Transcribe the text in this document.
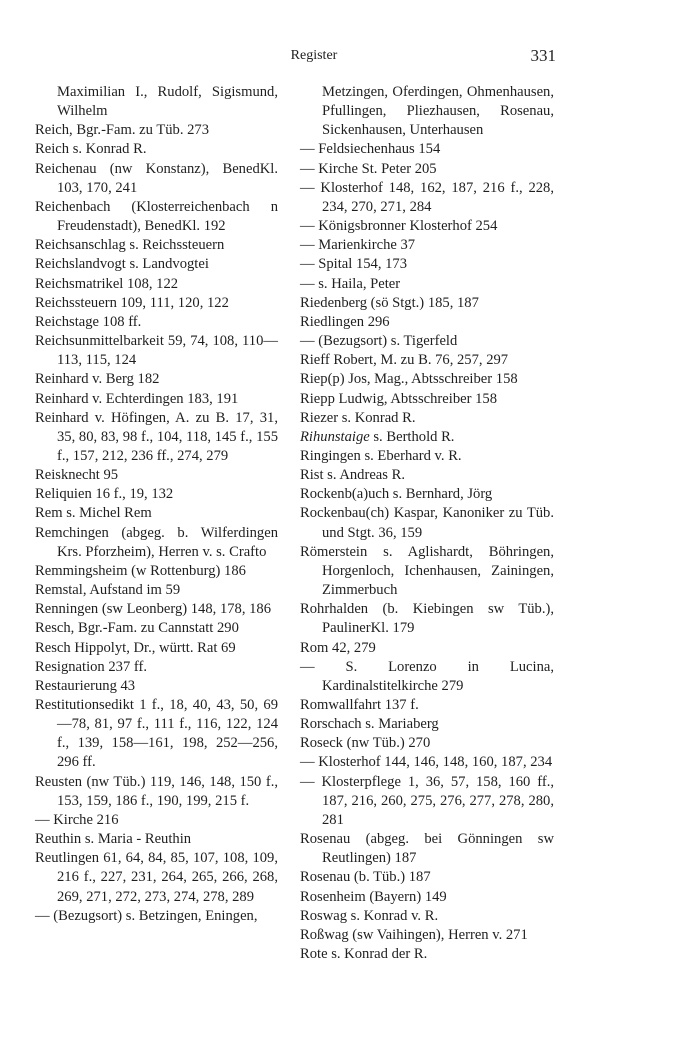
Register	331
Maximilian I., Rudolf, Sigismund, Wilhelm
Reich, Bgr.-Fam. zu Tüb. 273
Reich s. Konrad R.
Reichenau (nw Konstanz), BenedKl. 103, 170, 241
Reichenbach (Klosterreichenbach n Freudenstadt), BenedKl. 192
Reichsanschlag s. Reichssteuern
Reichslandvogt s. Landvogtei
Reichsmatrikel 108, 122
Reichssteuern 109, 111, 120, 122
Reichstage 108 ff.
Reichsunmittelbarkeit 59, 74, 108, 110—113, 115, 124
Reinhard v. Berg 182
Reinhard v. Echterdingen 183, 191
Reinhard v. Höfingen, A. zu B. 17, 31, 35, 80, 83, 98 f., 104, 118, 145 f., 155 f., 157, 212, 236 ff., 274, 279
Reisknecht 95
Reliquien 16 f., 19, 132
Rem s. Michel Rem
Remchingen (abgeg. b. Wilferdingen Krs. Pforzheim), Herren v. s. Crafto
Remmingsheim (w Rottenburg) 186
Remstal, Aufstand im 59
Renningen (sw Leonberg) 148, 178, 186
Resch, Bgr.-Fam. zu Cannstatt 290
Resch Hippolyt, Dr., württ. Rat 69
Resignation 237 ff.
Restaurierung 43
Restitutionsedikt 1 f., 18, 40, 43, 50, 69—78, 81, 97 f., 111 f., 116, 122, 124 f., 139, 158—161, 198, 252—256, 296 ff.
Reusten (nw Tüb.) 119, 146, 148, 150 f., 153, 159, 186 f., 190, 199, 215 f.
— Kirche 216
Reuthin s. Maria - Reuthin
Reutlingen 61, 64, 84, 85, 107, 108, 109, 216 f., 227, 231, 264, 265, 266, 268, 269, 271, 272, 273, 274, 278, 289
— (Bezugsort) s. Betzingen, Eningen,
Metzingen, Oferdingen, Ohmenhausen, Pfullingen, Pliezhausen, Rosenau, Sickenhausen, Unterhausen
— Feldsiechenhaus 154
— Kirche St. Peter 205
— Klosterhof 148, 162, 187, 216 f., 228, 234, 270, 271, 284
— Königsbronner Klosterhof 254
— Marienkirche 37
— Spital 154, 173
— s. Haila, Peter
Riedenberg (sö Stgt.) 185, 187
Riedlingen 296
— (Bezugsort) s. Tigerfeld
Rieff Robert, M. zu B. 76, 257, 297
Riep(p) Jos, Mag., Abtsschreiber 158
Riepp Ludwig, Abtsschreiber 158
Riezer s. Konrad R.
Rihunstaige s. Berthold R.
Ringingen s. Eberhard v. R.
Rist s. Andreas R.
Rockenb(a)uch s. Bernhard, Jörg
Rockenbau(ch) Kaspar, Kanoniker zu Tüb. und Stgt. 36, 159
Römerstein s. Aglishardt, Böhringen, Horgenloch, Ichenhausen, Zainingen, Zimmerbuch
Rohrhalden (b. Kiebingen sw Tüb.), PaulinerKl. 179
Rom 42, 279
— S. Lorenzo in Lucina, Kardinalstitelkirche 279
Romwallfahrt 137 f.
Rorschach s. Mariaberg
Roseck (nw Tüb.) 270
— Klosterhof 144, 146, 148, 160, 187, 234
— Klosterpflege 1, 36, 57, 158, 160 ff., 187, 216, 260, 275, 276, 277, 278, 280, 281
Rosenau (abgeg. bei Gönningen sw Reutlingen) 187
Rosenau (b. Tüb.) 187
Rosenheim (Bayern) 149
Roswag s. Konrad v. R.
Roßwag (sw Vaihingen), Herren v. 271
Rote s. Konrad der R.
